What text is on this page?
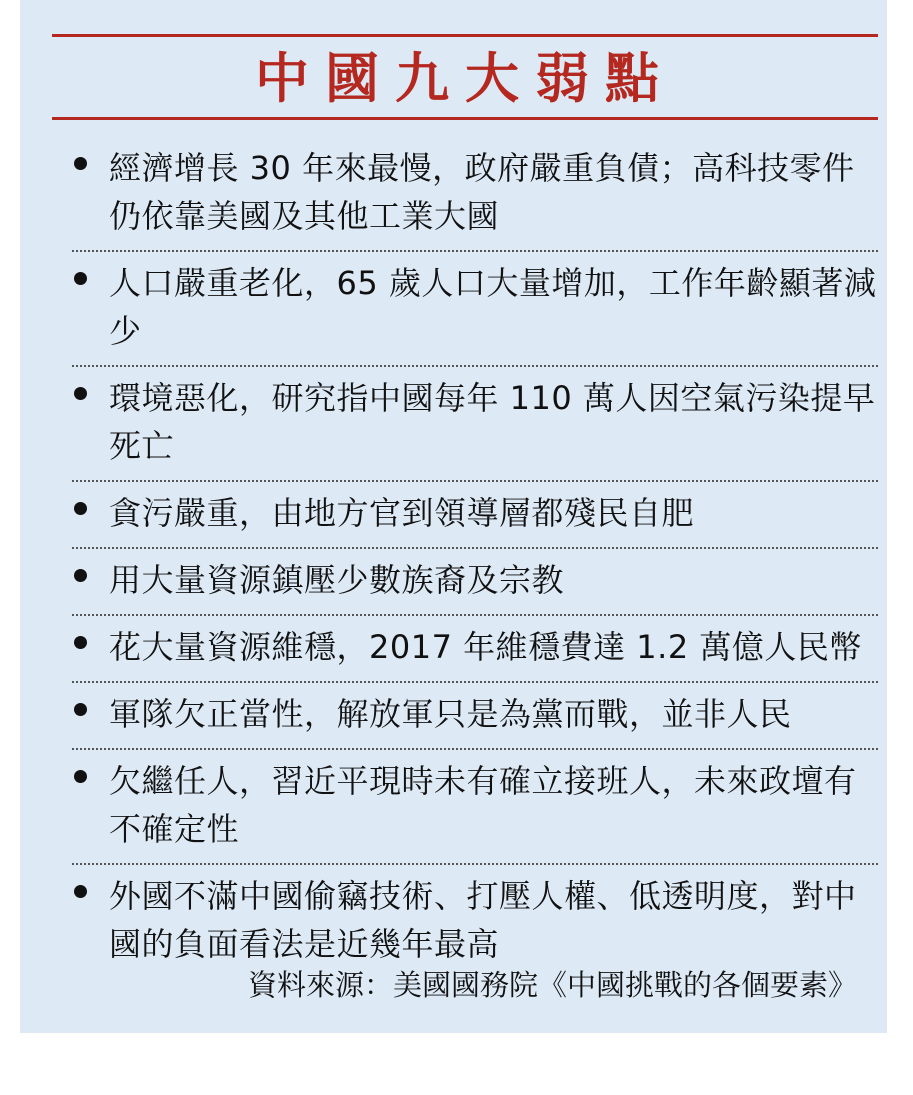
中國九大弱點
經濟增長 30 年來最慢，政府嚴重負債；高科技零件仍依靠美國及其他工業大國
人口嚴重老化，65 歲人口大量增加，工作年齡顯著減少
環境惡化，研究指中國每年 110 萬人因空氣污染提早死亡
貪污嚴重，由地方官到領導層都殘民自肥
用大量資源鎮壓少數族裔及宗教
花大量資源維穩，2017 年維穩費達 1.2 萬億人民幣
軍隊欠正當性，解放軍只是為黨而戰，並非人民
欠繼任人，習近平現時未有確立接班人，未來政壇有不確定性
外國不滿中國偷竊技術、打壓人權、低透明度，對中國的負面看法是近幾年最高
資料來源：美國國務院《中國挑戰的各個要素》
